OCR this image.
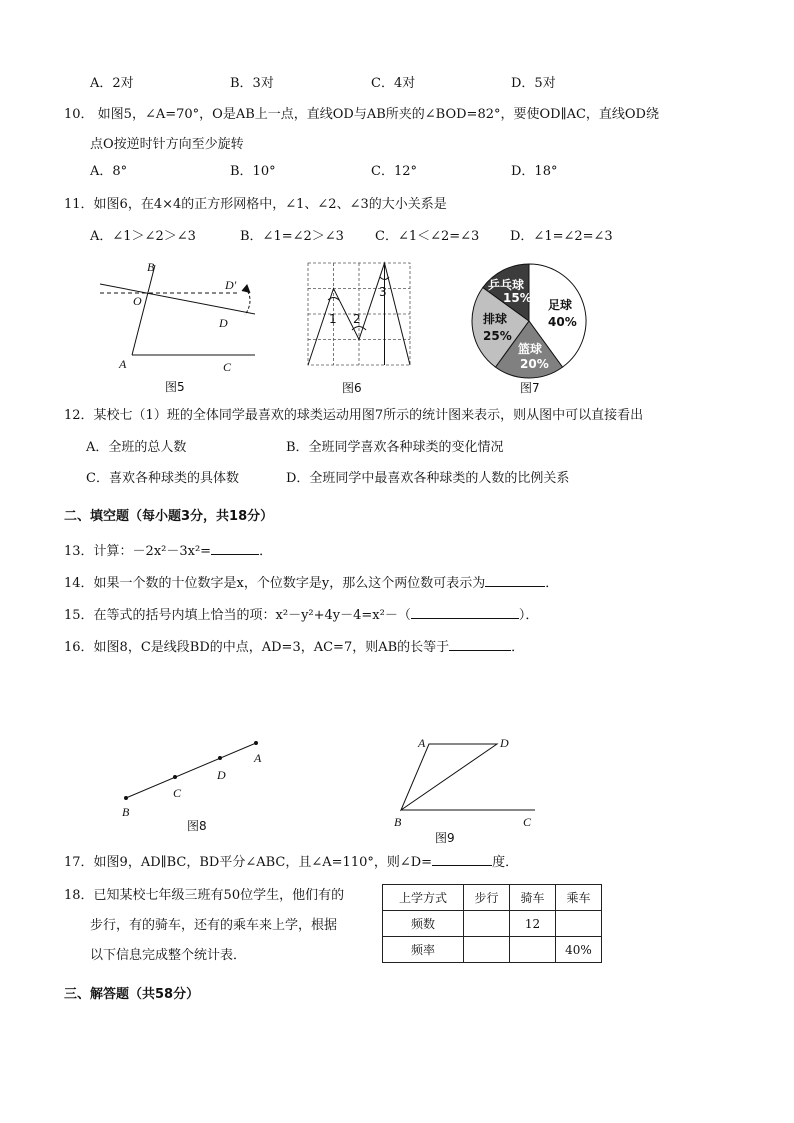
A．2对	B．3对	C．4对	D．5对
10． 如图5，∠A=70°，O是AB上一点，直线OD与AB所夹的∠BOD=82°，要使OD∥AC，直线OD绕
点O按逆时针方向至少旋转
A．8°	B．10°	C．12°	D．18°
11．如图6，在4×4的正方形网格中，∠1、∠2、∠3的大小关系是
A．∠1＞∠2＞∠3	B．∠1=∠2＞∠3 C．∠1＜∠2=∠3 D．∠1=∠2=∠3
B
D′
O
D
A	C
图5
1 2
3
图6
足球
40%
篮球
20%
排球
25%
乒乓球
15%
图7
12．某校七（1）班的全体同学最喜欢的球类运动用图7所示的统计图来表示，则从图中可以直接看出
A．全班的总人数	B．全班同学喜欢各种球类的变化情况
C．喜欢各种球类的具体数	D．全班同学中最喜欢各种球类的人数的比例关系
二、填空题（每小题3分，共18分）
13．计算：－2x²－3x²=	．
14．如果一个数的十位数字是x，个位数字是y，那么这个两位数可表示为	．
15．在等式的括号内填上恰当的项：x²－y²+4y－4=x²－（	）．
16．如图8，C是线段BD的中点，AD=3，AC=7，则AB的长等于	．
A
D
C
B
图8
A	D
B	C
图9
17．如图9，AD∥BC，BD平分∠ABC，且∠A=110°，则∠D=	度．
18．已知某校七年级三班有50位学生，他们有的
步行，有的骑车，还有的乘车来上学，根据
以下信息完成整个统计表．
上学方式	步行	骑车	乘车
频数		12	
频率			40%
三、解答题（共58分）
